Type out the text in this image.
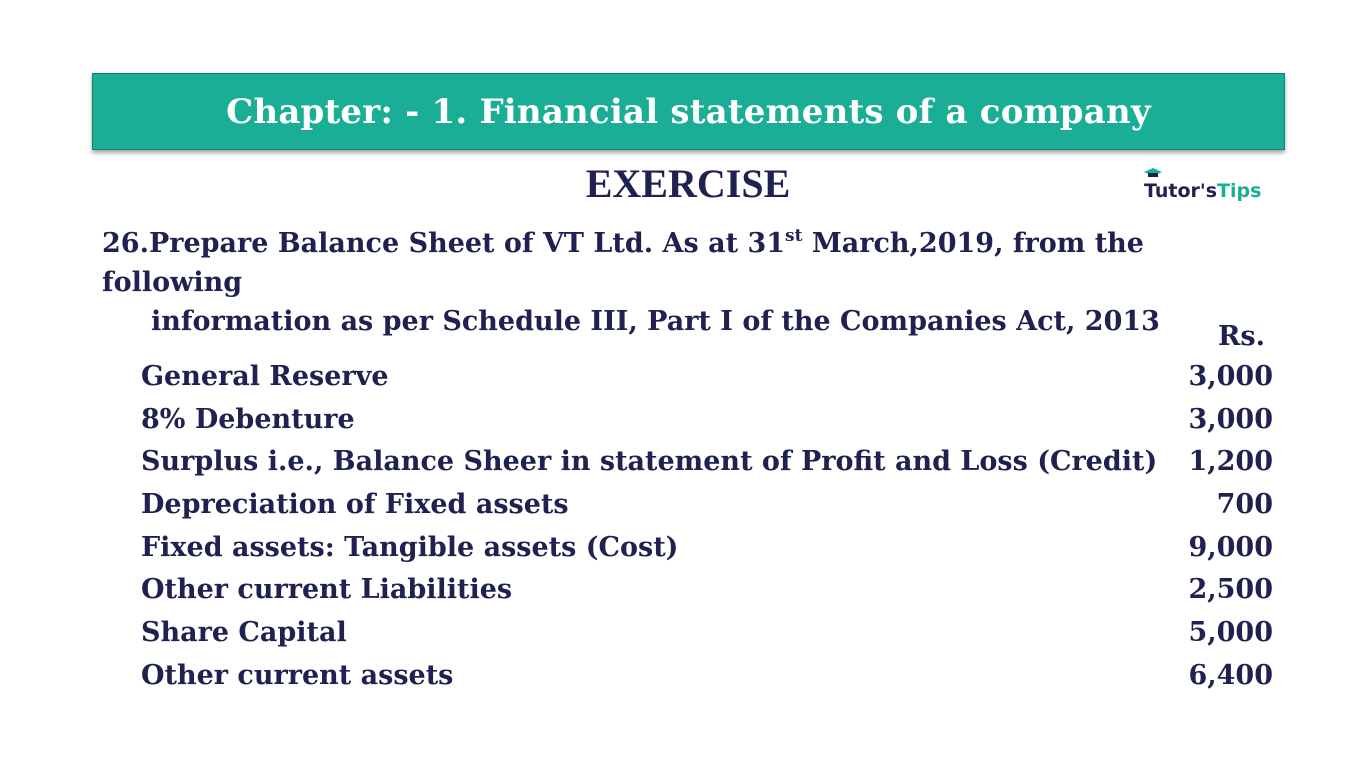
Chapter: - 1. Financial statements of a company
EXERCISE	Tutor's Tips
26.Prepare Balance Sheet of VT Ltd. As at 31st March,2019, from the following
information as per Schedule III, Part I of the Companies Act, 2013	Rs.
General Reserve	3,000
8% Debenture	3,000
Surplus i.e., Balance Sheer in statement of Profit and Loss (Credit) 1,200
Depreciation of Fixed assets	700
Fixed assets: Tangible assets (Cost)	9,000
Other current Liabilities	2,500
Share Capital	5,000
Other current assets	6,400
